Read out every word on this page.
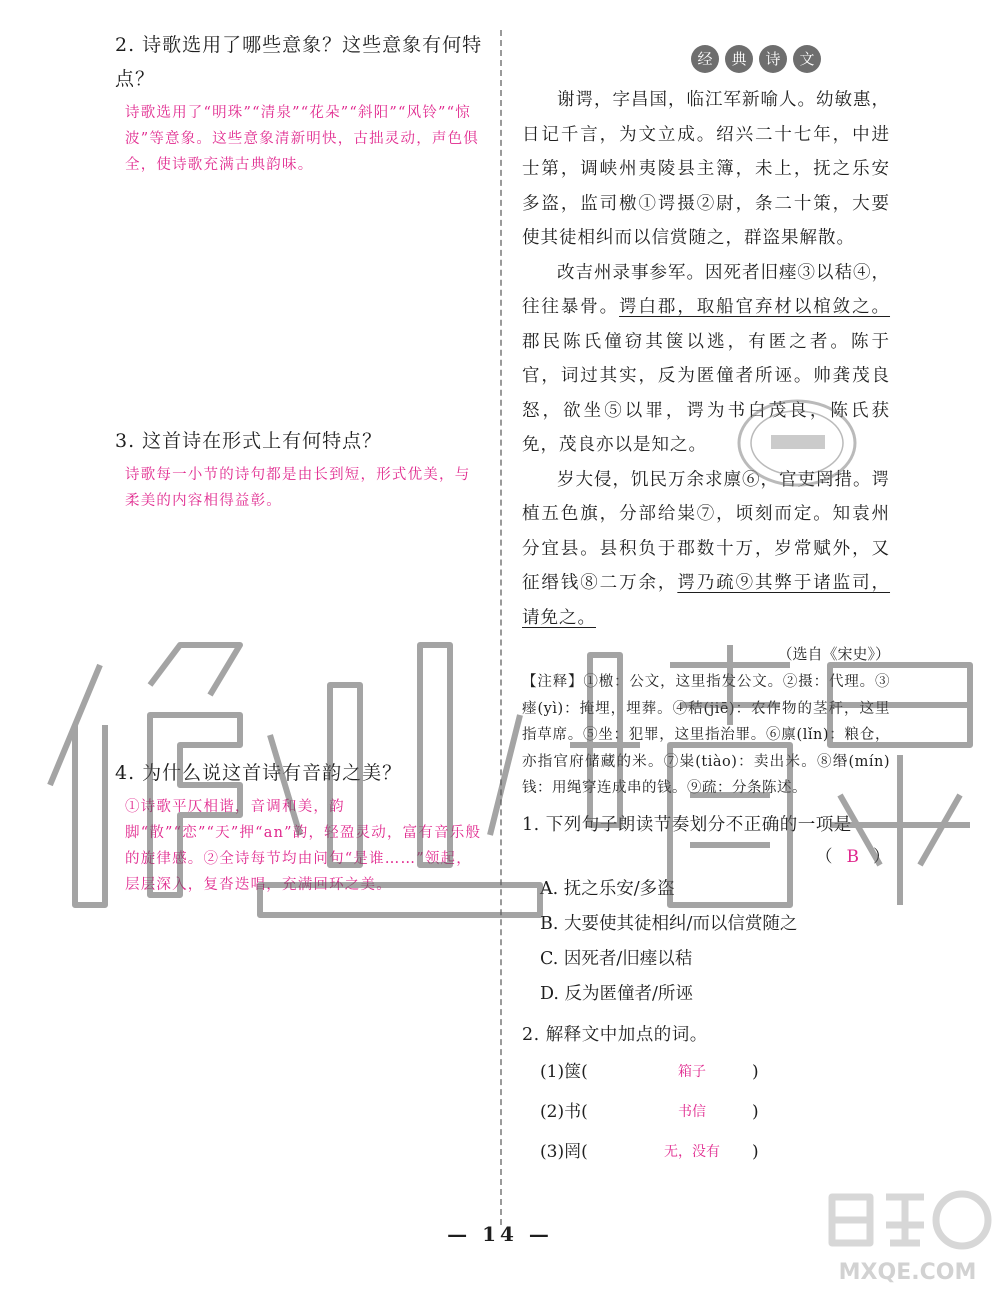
2. 诗歌选用了哪些意象？这些意象有何特点？

诗歌选用了“明珠”“清泉”“花朵”“斜阳”“风铃”“惊波”等意象。这些意象清新明快，古拙灵动，声色俱全，使诗歌充满古典韵味。

3. 这首诗在形式上有何特点？

诗歌每一小节的诗句都是由长到短，形式优美，与柔美的内容相得益彰。

4. 为什么说这首诗有音韵之美？

①诗歌平仄相谐，音调和美，韵脚“散”“恋”“天”押“an”韵，轻盈灵动，富有音乐般的旋律感。②全诗每节均由问句“是谁……”领起，层层深入，复沓迭唱，充满回环之美。

经	典	诗	文

谢谔，字昌国，临江军新喻人。幼敏惠，日记千言，为文立成。绍兴二十七年，中进士第，调峡州夷陵县主簿，未上，抚之乐安多盗，监司檄①谔摄②尉，条二十策，大要使其徒相纠而以信赏随之，群盗果解散。

改吉州录事参军。因死者旧瘗③以秸④，往往暴骨。谔白郡，取船官弃材以棺敛之。郡民陈氏僮窃其箧以逃，有匿之者。陈于官，词过其实，反为匿僮者所诬。帅龚茂良怒，欲坐⑤以罪，谔为书白茂良，陈氏获免，茂良亦以是知之。

岁大侵，饥民万余求廪⑥，官吏罔措。谔植五色旗，分部给粜⑦，顷刻而定。知袁州分宜县。县积负于郡数十万，岁常赋外，又征缗钱⑧二万余，谔乃疏⑨其弊于诸监司，请免之。

（选自《宋史》）

【注释】①檄：公文，这里指发公文。②摄：代理。③瘗(yì)：掩埋，埋葬。④秸(jiē)：农作物的茎秆，这里指草席。⑤坐：犯罪，这里指治罪。⑥廪(lǐn)：粮仓，亦指官府储藏的米。⑦粜(tiào)：卖出米。⑧缗(mín)钱：用绳穿连成串的钱。⑨疏：分条陈述。

1. 下列句子朗读节奏划分不正确的一项是

（ B ）

A. 抚之乐安/多盗

B. 大要使其徒相纠/而以信赏随之

C. 因死者/旧瘗以秸

D. 反为匿僮者/所诬

2. 解释文中加点的词。

(1)箧(	箱子	)
(2)书(	书信	)
(3)罔(	无，没有	)
MXQE.COM
— 14 —
